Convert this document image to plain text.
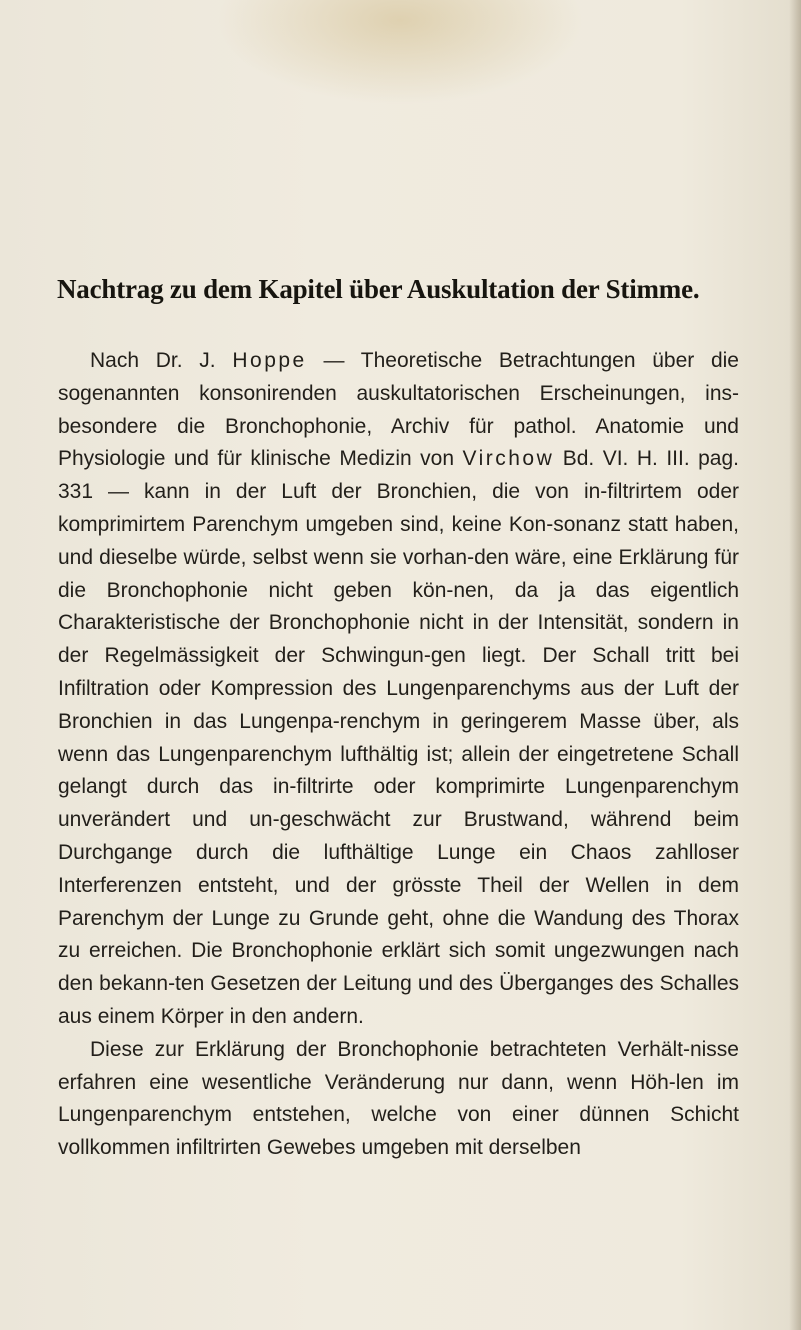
Nachtrag zu dem Kapitel über Auskultation der Stimme.

Nach Dr. J. Hoppe — Theoretische Betrachtungen über die sogenannten konsonirenden auskultatorischen Erscheinungen, ins-besondere die Bronchophonie, Archiv für pathol. Anatomie und Physiologie und für klinische Medizin von Virchow Bd. VI. H. III. pag. 331 — kann in der Luft der Bronchien, die von in-filtrirtem oder komprimirtem Parenchym umgeben sind, keine Kon-sonanz statt haben, und dieselbe würde, selbst wenn sie vorhan-den wäre, eine Erklärung für die Bronchophonie nicht geben kön-nen, da ja das eigentlich Charakteristische der Bronchophonie nicht in der Intensität, sondern in der Regelmässigkeit der Schwingun-gen liegt. Der Schall tritt bei Infiltration oder Kompression des Lungenparenchyms aus der Luft der Bronchien in das Lungenpa-renchym in geringerem Masse über, als wenn das Lungenparenchym lufthältig ist; allein der eingetretene Schall gelangt durch das in-filtrirte oder komprimirte Lungenparenchym unverändert und un-geschwächt zur Brustwand, während beim Durchgange durch die lufthältige Lunge ein Chaos zahlloser Interferenzen entsteht, und der grösste Theil der Wellen in dem Parenchym der Lunge zu Grunde geht, ohne die Wandung des Thorax zu erreichen. Die Bronchophonie erklärt sich somit ungezwungen nach den bekann-ten Gesetzen der Leitung und des Überganges des Schalles aus einem Körper in den andern.

Diese zur Erklärung der Bronchophonie betrachteten Verhält-nisse erfahren eine wesentliche Veränderung nur dann, wenn Höh-len im Lungenparenchym entstehen, welche von einer dünnen Schicht vollkommen infiltrirten Gewebes umgeben mit derselben
